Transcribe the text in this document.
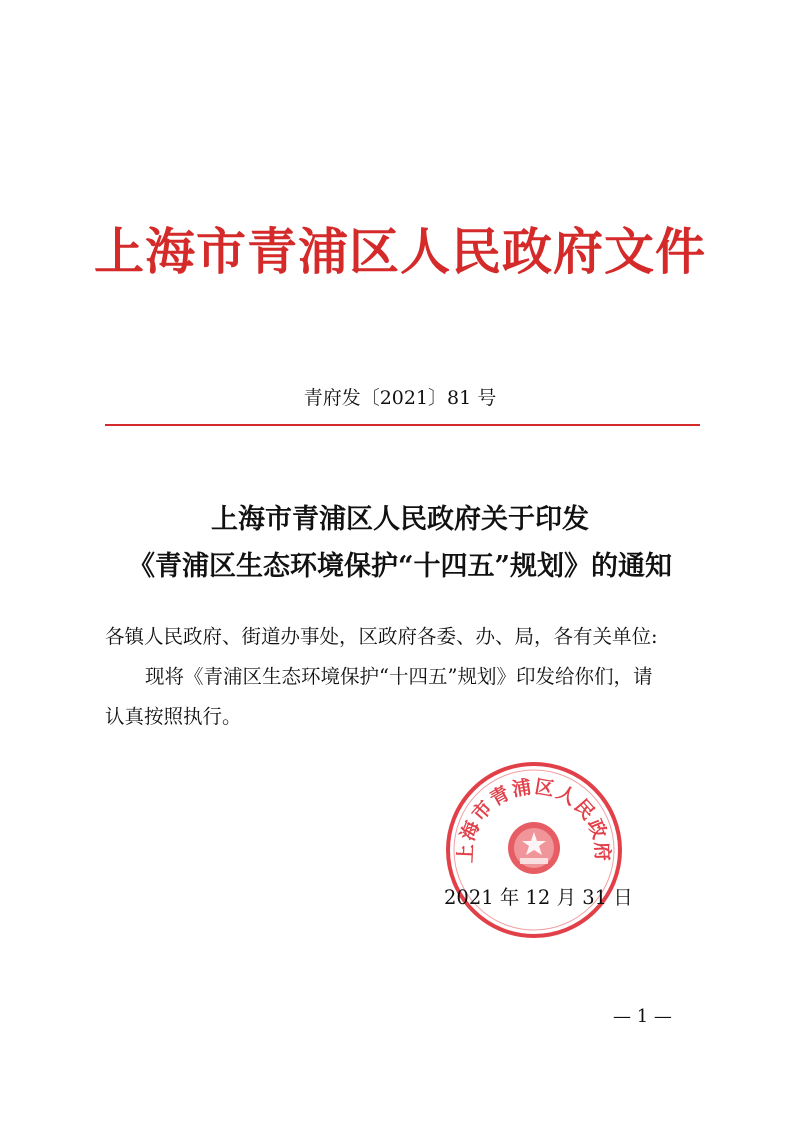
上海市青浦区人民政府文件
青府发〔2021〕81 号
上海市青浦区人民政府关于印发
《青浦区生态环境保护“十四五”规划》的通知
各镇人民政府、街道办事处，区政府各委、办、局，各有关单位:
现将《青浦区生态环境保护“十四五”规划》印发给你们，请
认真按照执行。
上海市青浦区人民政府
2021 年 12 月 31 日
— 1 —
